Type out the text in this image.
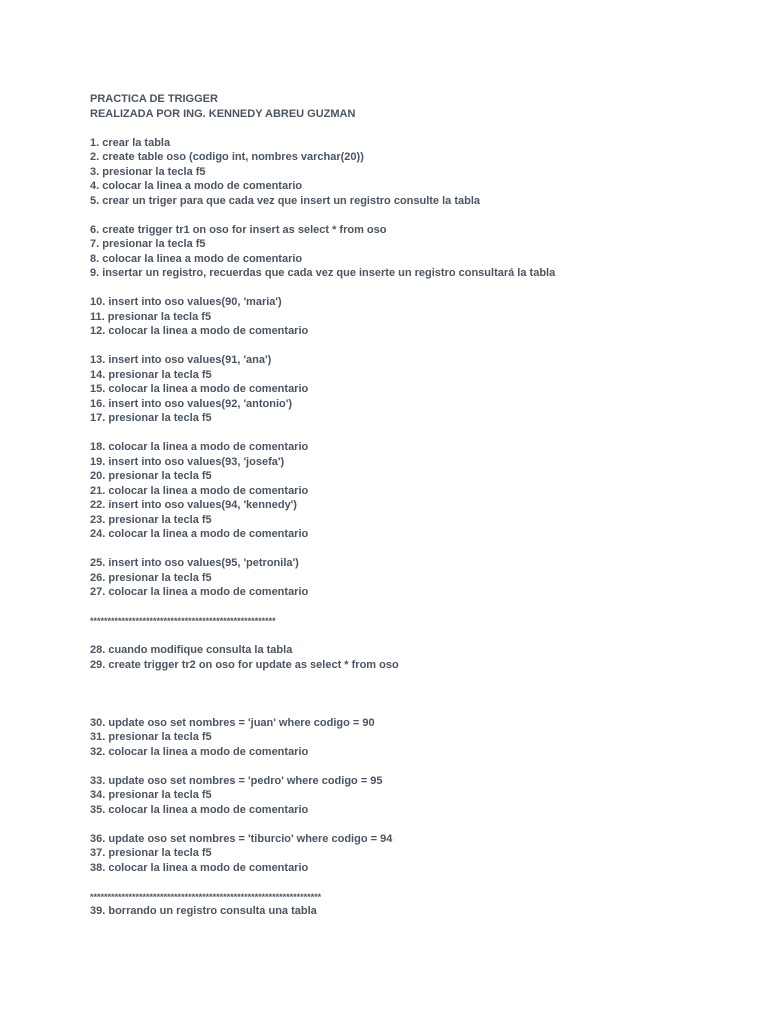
PRACTICA DE TRIGGER
REALIZADA POR ING. KENNEDY ABREU GUZMAN
1. crear la tabla
2. create table oso (codigo int, nombres varchar(20))
3. presionar la tecla f5
4. colocar la linea a modo de comentario
5. crear un triger para que cada vez que insert un registro consulte la tabla
6. create trigger tr1 on oso for insert as select * from oso
7. presionar la tecla f5
8. colocar la linea a modo de comentario
9. insertar un registro, recuerdas que cada vez que inserte un registro consultará la tabla
10. insert into oso values(90, 'maria')
11. presionar la tecla f5
12. colocar la linea a modo de comentario
13. insert into oso values(91, 'ana')
14. presionar la tecla f5
15. colocar la linea a modo de comentario
16. insert into oso values(92, 'antonio')
17. presionar la tecla f5
18. colocar la linea a modo de comentario
19. insert into oso values(93, 'josefa')
20. presionar la tecla f5
21. colocar la linea a modo de comentario
22. insert into oso values(94, 'kennedy')
23. presionar la tecla f5
24. colocar la linea a modo de comentario
25. insert into oso values(95, 'petronila')
26. presionar la tecla f5
27. colocar la linea a modo de comentario
*****************************************************
28. cuando modifique consulta la tabla
29. create trigger tr2 on oso for update as select * from oso
30. update oso set nombres = 'juan' where codigo = 90
31. presionar la tecla f5
32. colocar la linea a modo de comentario
33. update oso set nombres = 'pedro' where codigo = 95
34. presionar la tecla f5
35. colocar la linea a modo de comentario
36. update oso set nombres = 'tiburcio' where codigo = 94
37. presionar la tecla f5
38. colocar la linea a modo de comentario
******************************************************************
39. borrando un registro consulta una tabla
